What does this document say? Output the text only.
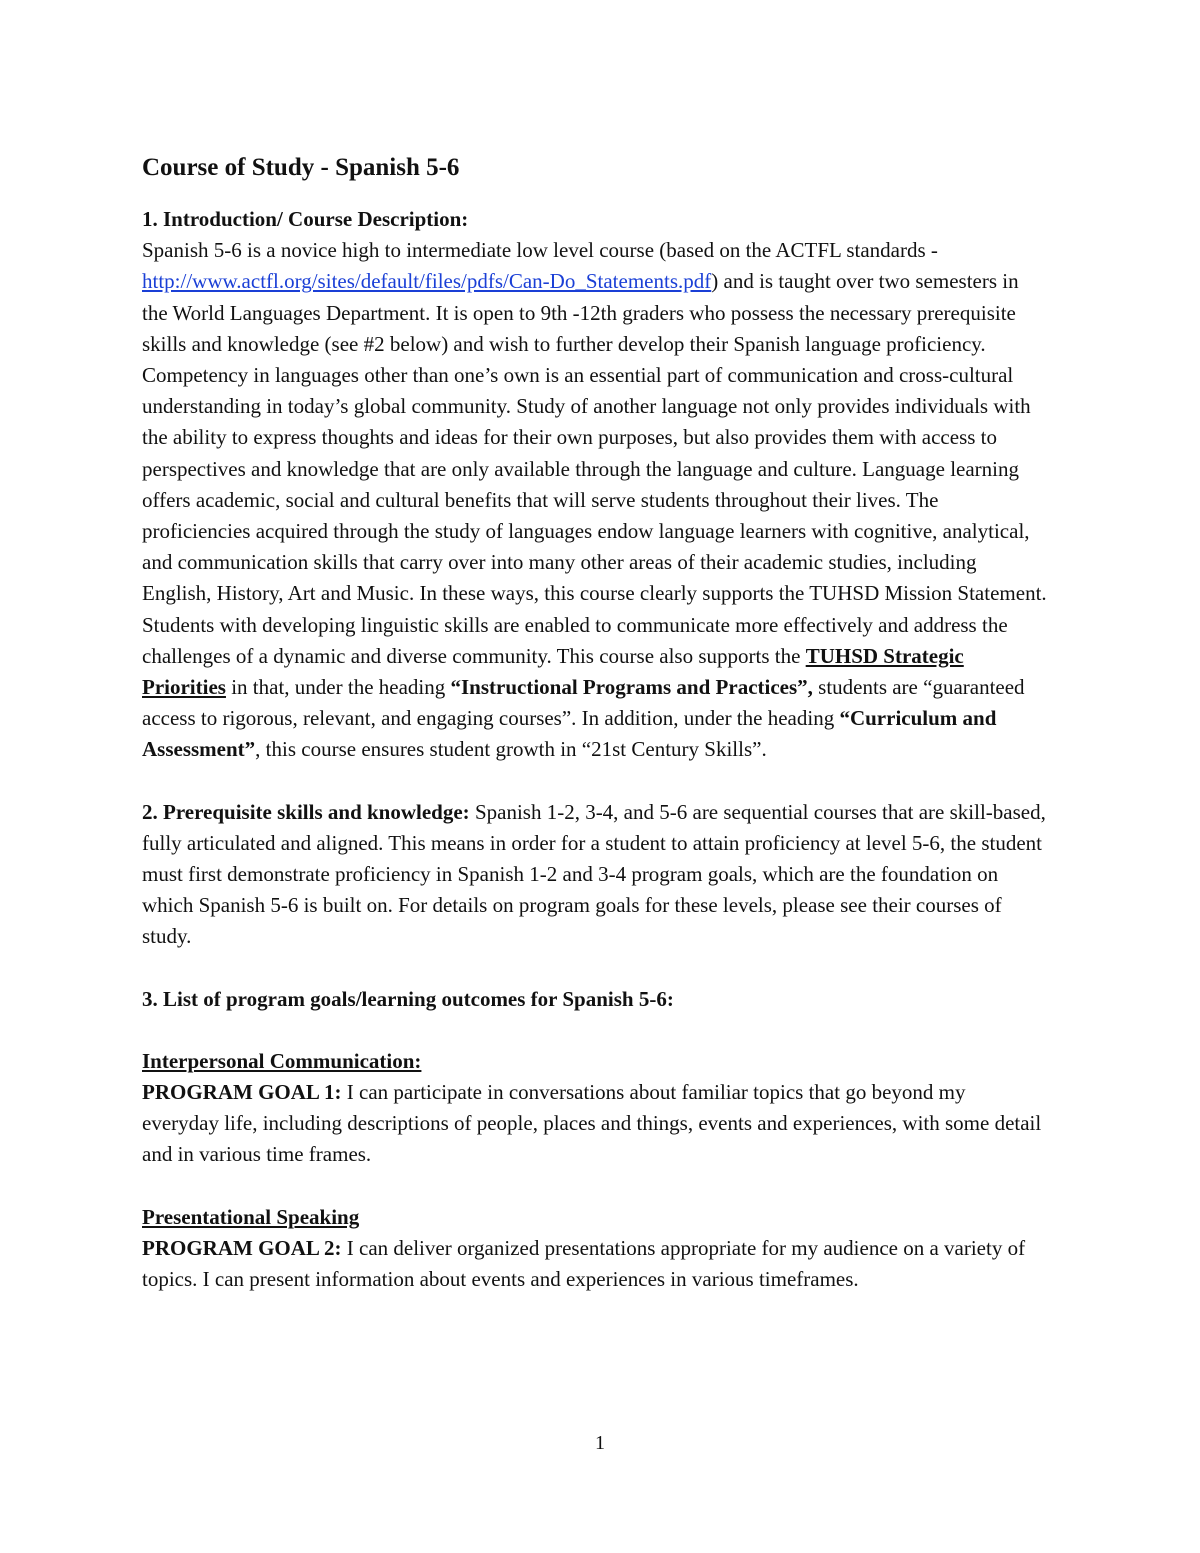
Course of Study - Spanish 5-6

1. Introduction/ Course Description:
Spanish 5-6 is a novice high to intermediate low level course (based on the ACTFL standards - http://www.actfl.org/sites/default/files/pdfs/Can-Do_Statements.pdf) and is taught over two semesters in the World Languages Department. It is open to 9th -12th graders who possess the necessary prerequisite skills and knowledge (see #2 below) and wish to further develop their Spanish language proficiency. Competency in languages other than one’s own is an essential part of communication and cross-cultural understanding in today’s global community. Study of another language not only provides individuals with the ability to express thoughts and ideas for their own purposes, but also provides them with access to perspectives and knowledge that are only available through the language and culture. Language learning offers academic, social and cultural benefits that will serve students throughout their lives. The proficiencies acquired through the study of languages endow language learners with cognitive, analytical, and communication skills that carry over into many other areas of their academic studies, including English, History, Art and Music. In these ways, this course clearly supports the TUHSD Mission Statement. Students with developing linguistic skills are enabled to communicate more effectively and address the challenges of a dynamic and diverse community. This course also supports the TUHSD Strategic Priorities in that, under the heading “Instructional Programs and Practices”, students are “guaranteed access to rigorous, relevant, and engaging courses”. In addition, under the heading “Curriculum and Assessment”, this course ensures student growth in “21st Century Skills”.

2. Prerequisite skills and knowledge: Spanish 1-2, 3-4, and 5-6 are sequential courses that are skill-based, fully articulated and aligned. This means in order for a student to attain proficiency at level 5-6, the student must first demonstrate proficiency in Spanish 1-2 and 3-4 program goals, which are the foundation on which Spanish 5-6 is built on. For details on program goals for these levels, please see their courses of study.

3. List of program goals/learning outcomes for Spanish 5-6:

Interpersonal Communication:
PROGRAM GOAL 1: I can participate in conversations about familiar topics that go beyond my everyday life, including descriptions of people, places and things, events and experiences, with some detail and in various time frames.

Presentational Speaking
PROGRAM GOAL 2: I can deliver organized presentations appropriate for my audience on a variety of topics. I can present information about events and experiences in various timeframes.

1
